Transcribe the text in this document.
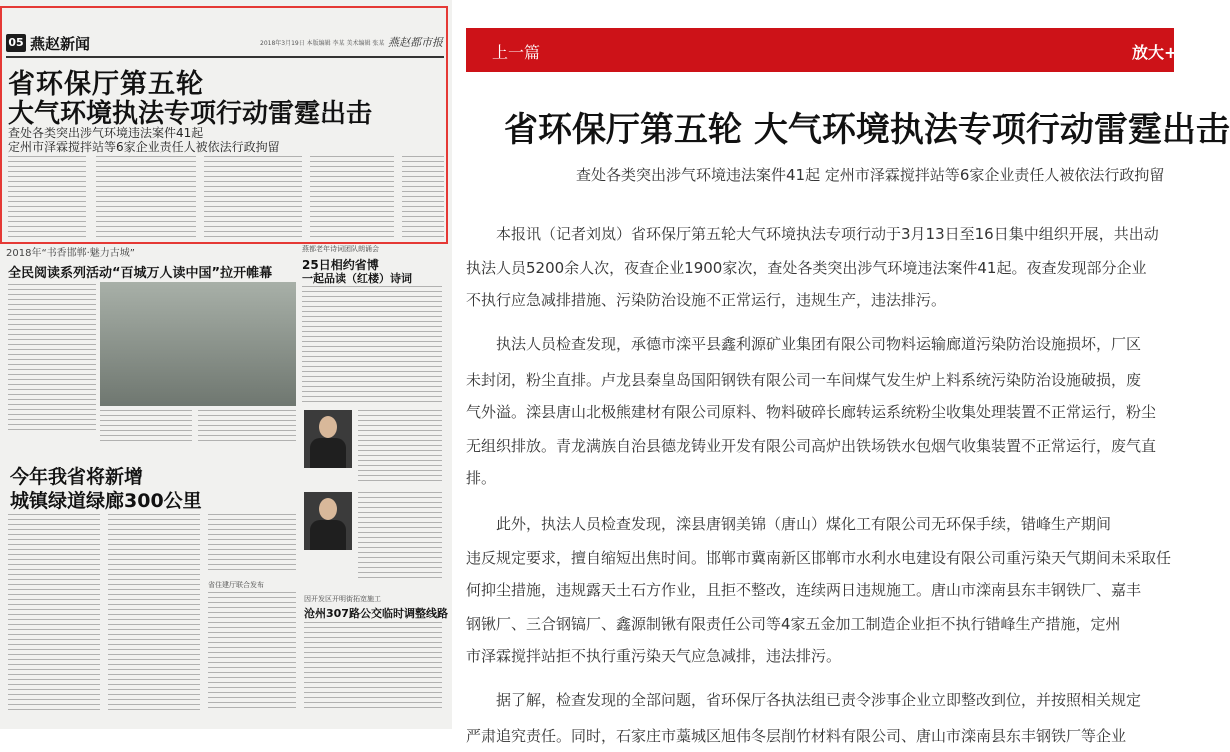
05 燕赵新闻	2018年3月19日 本版编辑 李某 美术编辑 张某 燕赵都市报
省环保厅第五轮
大气环境执法专项行动雷霆出击
查处各类突出涉气环境违法案件41起
定州市泽霖搅拌站等6家企业责任人被依法行政拘留
2018年“书香邯郸·魅力古城”
全民阅读系列活动“百城万人读中国”拉开帷幕
今年我省将新增
城镇绿道绿廊300公里
省住建厅联合发布
燕都老年诗词团队朗诵会
25日相约省博
一起品读（红楼）诗词
因开发区开明街拓宽施工
沧州307路公交临时调整线路
上一篇	放大+
省环保厅第五轮 大气环境执法专项行动雷霆出击
查处各类突出涉气环境违法案件41起 定州市泽霖搅拌站等6家企业责任人被依法行政拘留
　　本报讯（记者刘岚）省环保厅第五轮大气环境执法专项行动于3月13日至16日集中组织开展，共出动
执法人员5200余人次，夜查企业1900家次，查处各类突出涉气环境违法案件41起。夜查发现部分企业
不执行应急减排措施、污染防治设施不正常运行，违规生产，违法排污。
　　执法人员检查发现，承德市滦平县鑫利源矿业集团有限公司物料运输廊道污染防治设施损坏，厂区
未封闭，粉尘直排。卢龙县秦皇岛国阳钢铁有限公司一车间煤气发生炉上料系统污染防治设施破损，废
气外溢。滦县唐山北极熊建材有限公司原料、物料破碎长廊转运系统粉尘收集处理装置不正常运行，粉尘
无组织排放。青龙满族自治县德龙铸业开发有限公司高炉出铁场铁水包烟气收集装置不正常运行，废气直
排。
　　此外，执法人员检查发现，滦县唐钢美锦（唐山）煤化工有限公司无环保手续，错峰生产期间
违反规定要求，擅自缩短出焦时间。邯郸市冀南新区邯郸市水利水电建设有限公司重污染天气期间未采取任
何抑尘措施，违规露天土石方作业，且拒不整改，连续两日违规施工。唐山市滦南县东丰钢铁厂、嘉丰
钢锹厂、三合钢镐厂、鑫源制锹有限责任公司等4家五金加工制造企业拒不执行错峰生产措施，定州
市泽霖搅拌站拒不执行重污染天气应急减排，违法排污。
　　据了解，检查发现的全部问题，省环保厅各执法组已责令涉事企业立即整改到位，并按照相关规定
严肃追究责任。同时，石家庄市藁城区旭伟冬层削竹材料有限公司、唐山市滦南县东丰钢铁厂等企业
